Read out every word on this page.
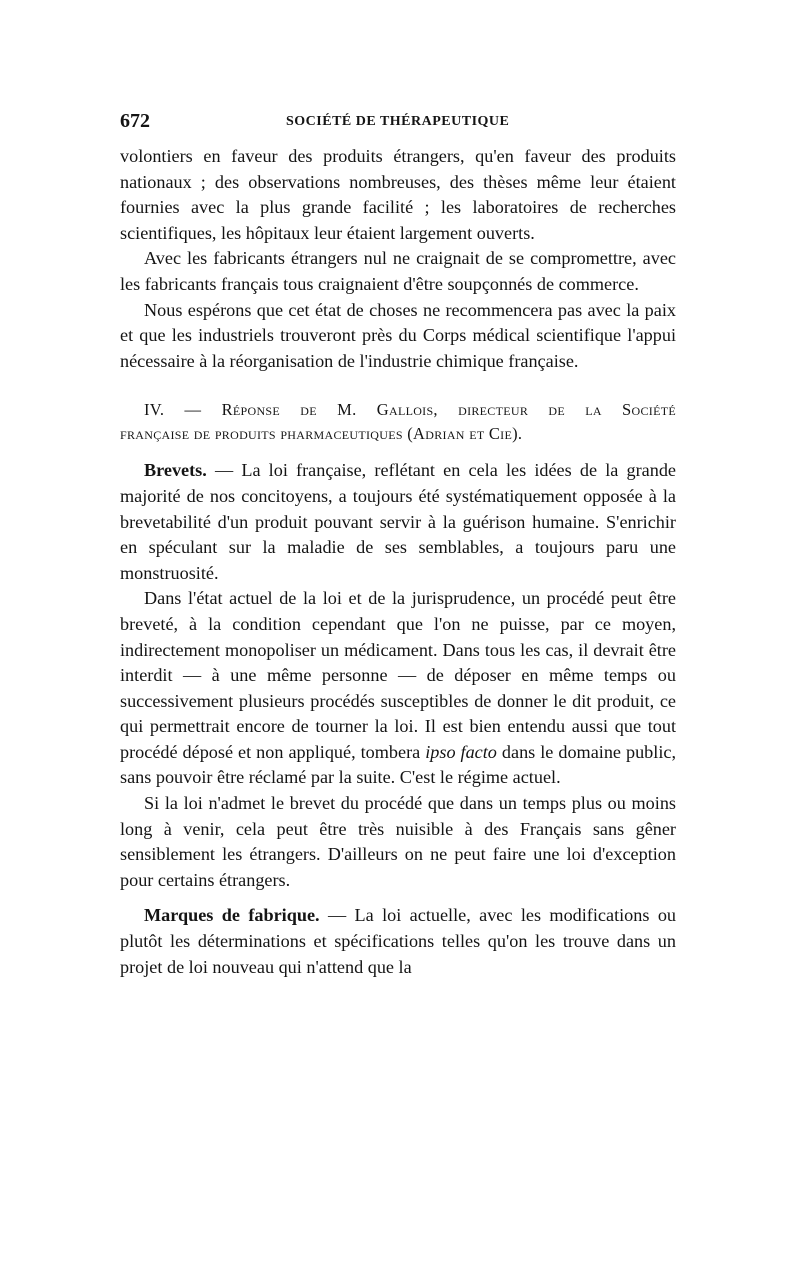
672	SOCIÉTÉ DE THÉRAPEUTIQUE

volontiers en faveur des produits étrangers, qu'en faveur des produits nationaux ; des observations nombreuses, des thèses même leur étaient fournies avec la plus grande facilité ; les laboratoires de recherches scientifiques, les hôpitaux leur étaient largement ouverts.

Avec les fabricants étrangers nul ne craignait de se compromettre, avec les fabricants français tous craignaient d'être soupçonnés de commerce.

Nous espérons que cet état de choses ne recommencera pas avec la paix et que les industriels trouveront près du Corps médical scientifique l'appui nécessaire à la réorganisation de l'industrie chimique française.

IV. — Réponse de M. Gallois, directeur de la Société
française de produits pharmaceutiques (Adrian et Cie).

Brevets. — La loi française, reflétant en cela les idées de la grande majorité de nos concitoyens, a toujours été systématiquement opposée à la brevetabilité d'un produit pouvant servir à la guérison humaine. S'enrichir en spéculant sur la maladie de ses semblables, a toujours paru une monstruosité.

Dans l'état actuel de la loi et de la jurisprudence, un procédé peut être breveté, à la condition cependant que l'on ne puisse, par ce moyen, indirectement monopoliser un médicament. Dans tous les cas, il devrait être interdit — à une même personne — de déposer en même temps ou successivement plusieurs procédés susceptibles de donner le dit produit, ce qui permettrait encore de tourner la loi. Il est bien entendu aussi que tout procédé déposé et non appliqué, tombera ipso facto dans le domaine public, sans pouvoir être réclamé par la suite. C'est le régime actuel.

Si la loi n'admet le brevet du procédé que dans un temps plus ou moins long à venir, cela peut être très nuisible à des Français sans gêner sensiblement les étrangers. D'ailleurs on ne peut faire une loi d'exception pour certains étrangers.

Marques de fabrique. — La loi actuelle, avec les modifications ou plutôt les déterminations et spécifications telles qu'on les trouve dans un projet de loi nouveau qui n'attend que la
